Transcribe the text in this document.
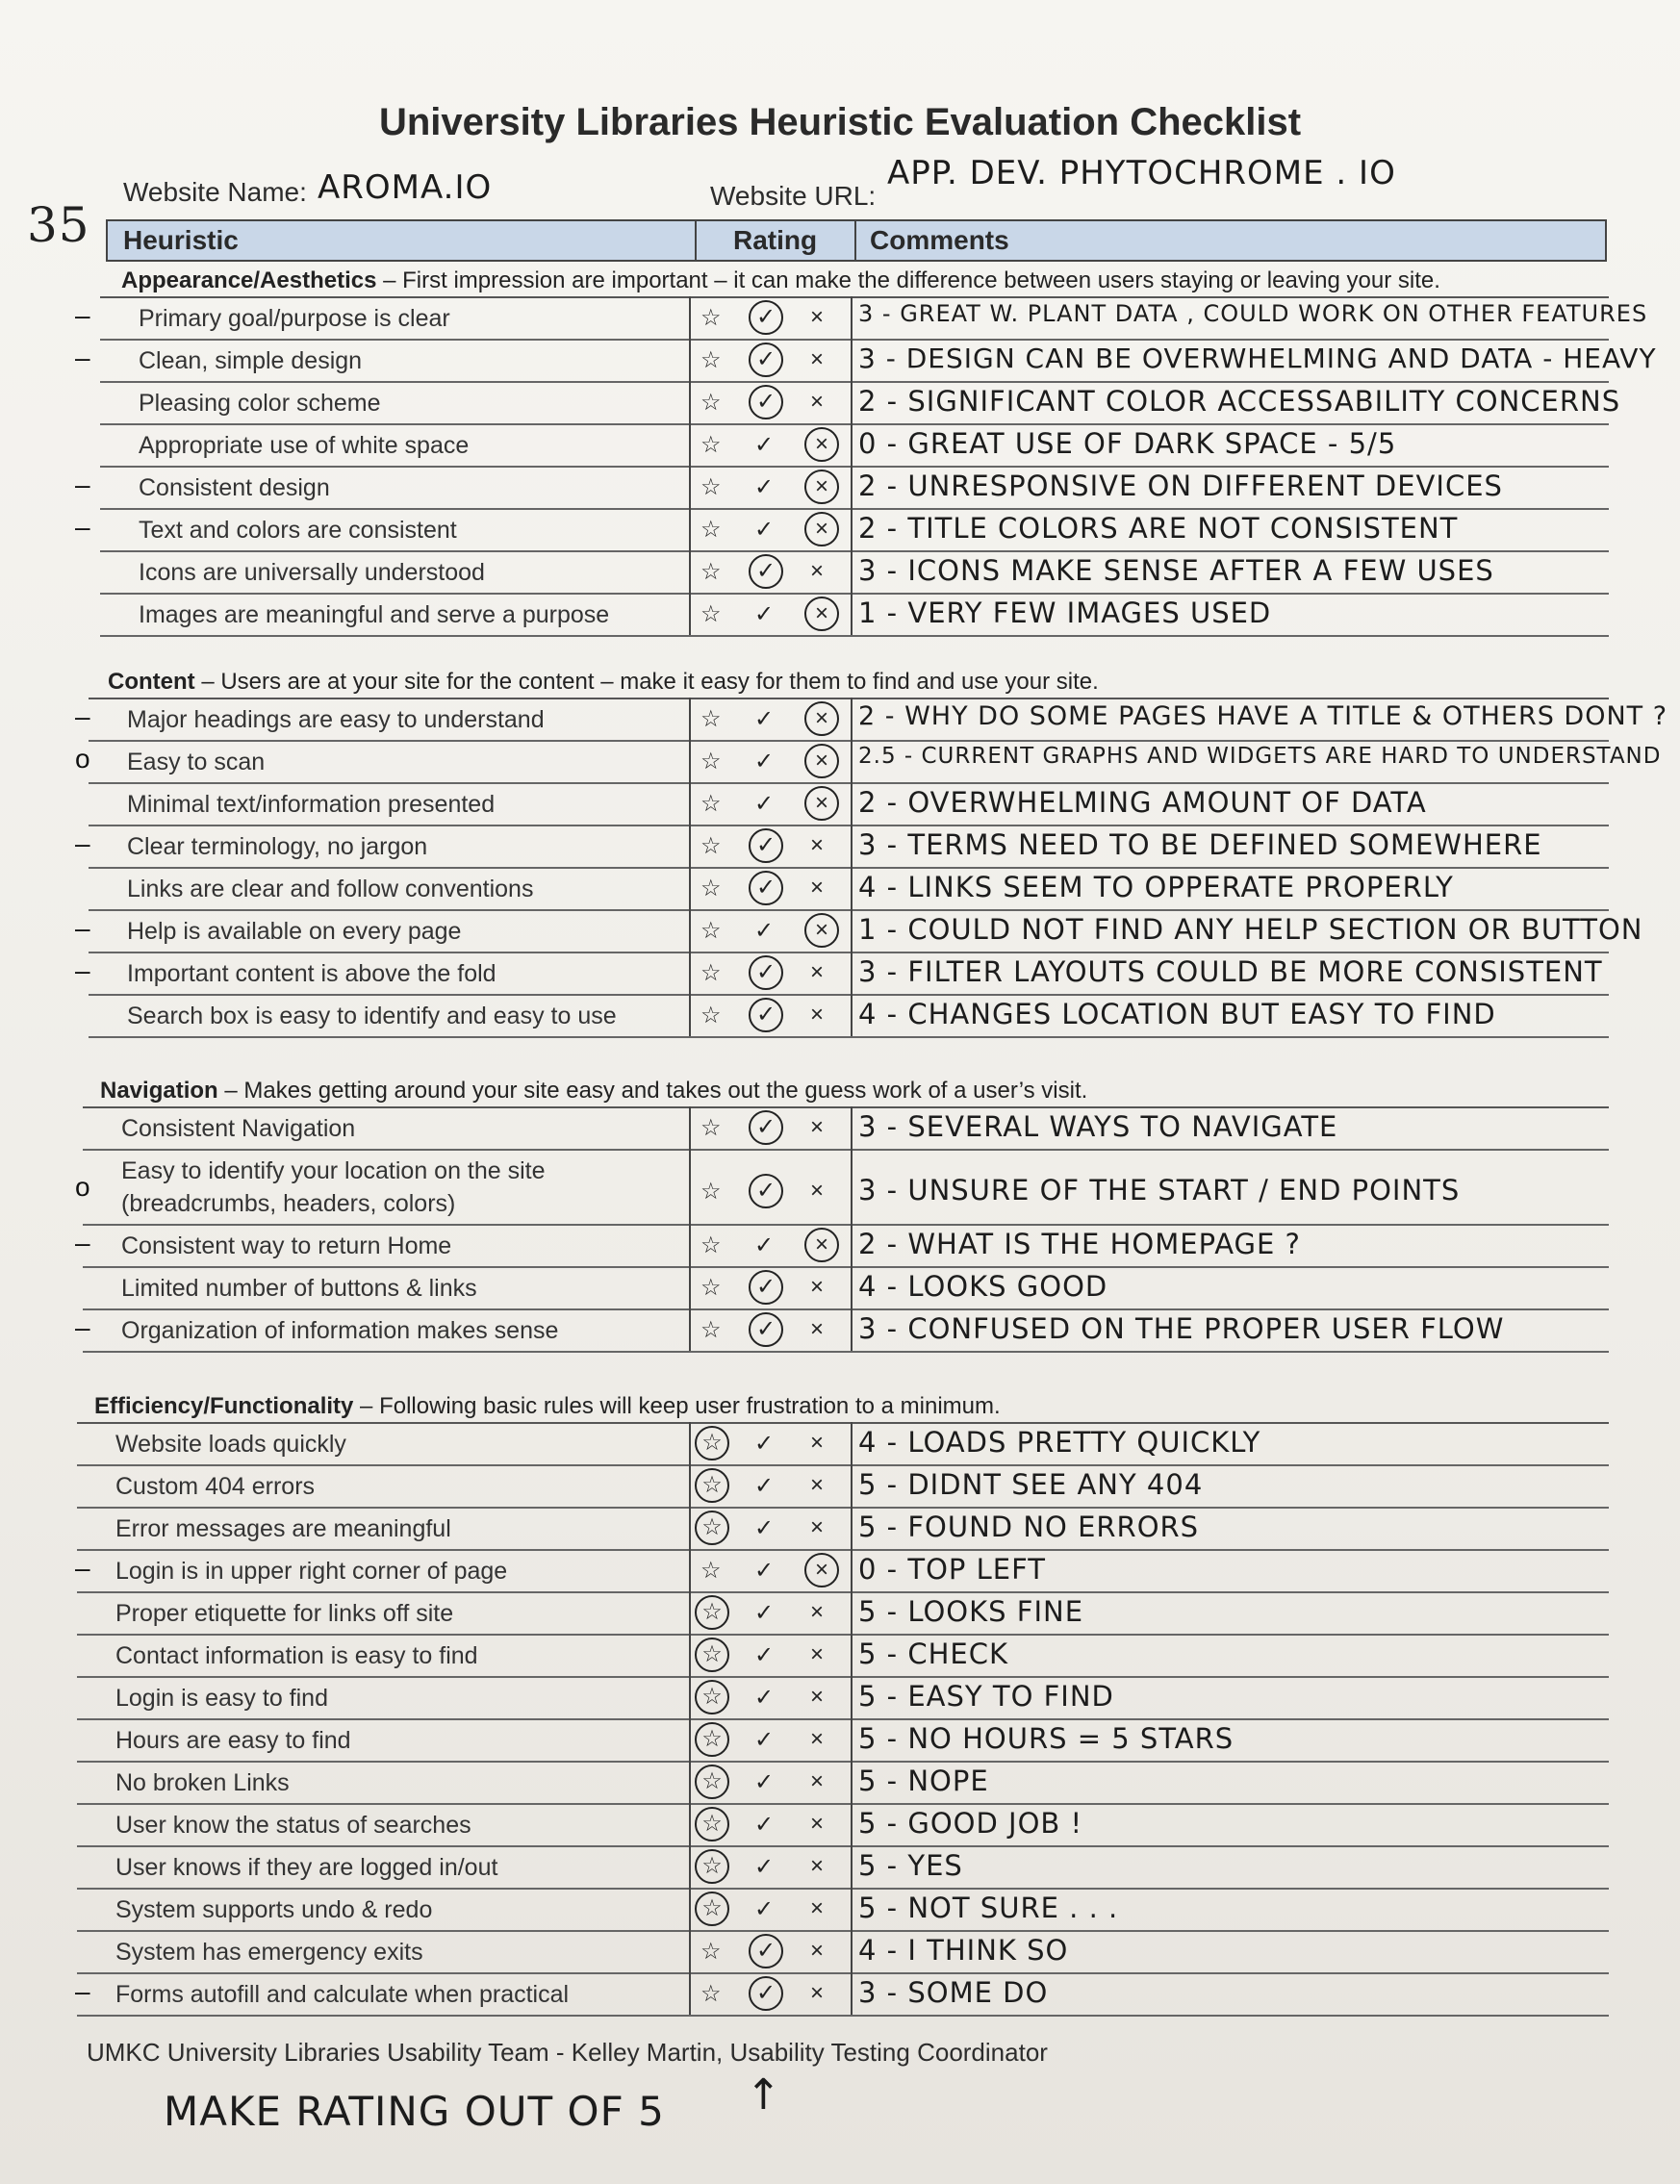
University Libraries Heuristic Evaluation Checklist
35
Website Name: AROMA.IO	Website URL:
APP. DEV. PHYTOCHROME . IO
Heuristic	Rating Comments
Appearance/Aesthetics – First impression are important – it can make the difference between users staying or leaving your site.
– Primary goal/purpose is clear	☆ ✓	× 3 - GREAT W. PLANT DATA , COULD WORK ON OTHER FEATURES
– Clean, simple design	☆ ✓	× 3 - DESIGN CAN BE OVERWHELMING AND DATA - HEAVY
Pleasing color scheme	☆ ✓	× 2 - SIGNIFICANT COLOR ACCESSABILITY CONCERNS
Appropriate use of white space	☆ ✓ ×	0 - GREAT USE OF DARK SPACE - 5/5
– Consistent design	☆ ✓ ×	2 - UNRESPONSIVE ON DIFFERENT DEVICES
– Text and colors are consistent	☆ ✓ ×	2 - TITLE COLORS ARE NOT CONSISTENT
Icons are universally understood	☆ ✓	× 3 - ICONS MAKE SENSE AFTER A FEW USES
Images are meaningful and serve a purpose	☆ ✓ ×	1 - VERY FEW IMAGES USED
Content – Users are at your site for the content – make it easy for them to find and use your site.
– Major headings are easy to understand	☆ ✓ ×	2 - WHY DO SOME PAGES HAVE A TITLE & OTHERS DONT ?
o Easy to scan	☆ ✓ ×	2.5 - CURRENT GRAPHS AND WIDGETS ARE HARD TO UNDERSTAND
Minimal text/information presented	☆ ✓ ×	2 - OVERWHELMING AMOUNT OF DATA
– Clear terminology, no jargon	☆ ✓	× 3 - TERMS NEED TO BE DEFINED SOMEWHERE
Links are clear and follow conventions	☆ ✓	× 4 - LINKS SEEM TO OPPERATE PROPERLY
– Help is available on every page	☆ ✓ ×	1 - COULD NOT FIND ANY HELP SECTION OR BUTTON
– Important content is above the fold	☆ ✓	× 3 - FILTER LAYOUTS COULD BE MORE CONSISTENT
Search box is easy to identify and easy to use	☆ ✓	× 4 - CHANGES LOCATION BUT EASY TO FIND
Navigation – Makes getting around your site easy and takes out the guess work of a user’s visit.
Consistent Navigation	☆ ✓	× 3 - SEVERAL WAYS TO NAVIGATE
o
Easy to identify your location on the site
(breadcrumbs, headers, colors)	☆ ✓	× 3 - UNSURE OF THE START / END POINTS
– Consistent way to return Home	☆ ✓ ×	2 - WHAT IS THE HOMEPAGE ?
Limited number of buttons & links	☆ ✓	× 4 - LOOKS GOOD
– Organization of information makes sense	☆ ✓	× 3 - CONFUSED ON THE PROPER USER FLOW
Efficiency/Functionality – Following basic rules will keep user frustration to a minimum.
Website loads quickly	☆	✓ × 4 - LOADS PRETTY QUICKLY
Custom 404 errors	☆	✓ × 5 - DIDNT SEE ANY 404
Error messages are meaningful	☆	✓ × 5 - FOUND NO ERRORS
– Login is in upper right corner of page	☆ ✓ ×	0 - TOP LEFT
Proper etiquette for links off site	☆	✓ × 5 - LOOKS FINE
Contact information is easy to find	☆	✓ × 5 - CHECK
Login is easy to find	☆	✓ × 5 - EASY TO FIND
Hours are easy to find	☆	✓ × 5 - NO HOURS = 5 STARS
No broken Links	☆	✓ × 5 - NOPE
User know the status of searches	☆	✓ × 5 - GOOD JOB !
User knows if they are logged in/out	☆	✓ × 5 - YES
System supports undo & redo	☆	✓ × 5 - NOT SURE . . .
System has emergency exits	☆ ✓	× 4 - I THINK SO
– Forms autofill and calculate when practical	☆ ✓	× 3 - SOME DO
UMKC University Libraries Usability Team - Kelley Martin, Usability Testing Coordinator
MAKE RATING OUT OF 5 ↑
